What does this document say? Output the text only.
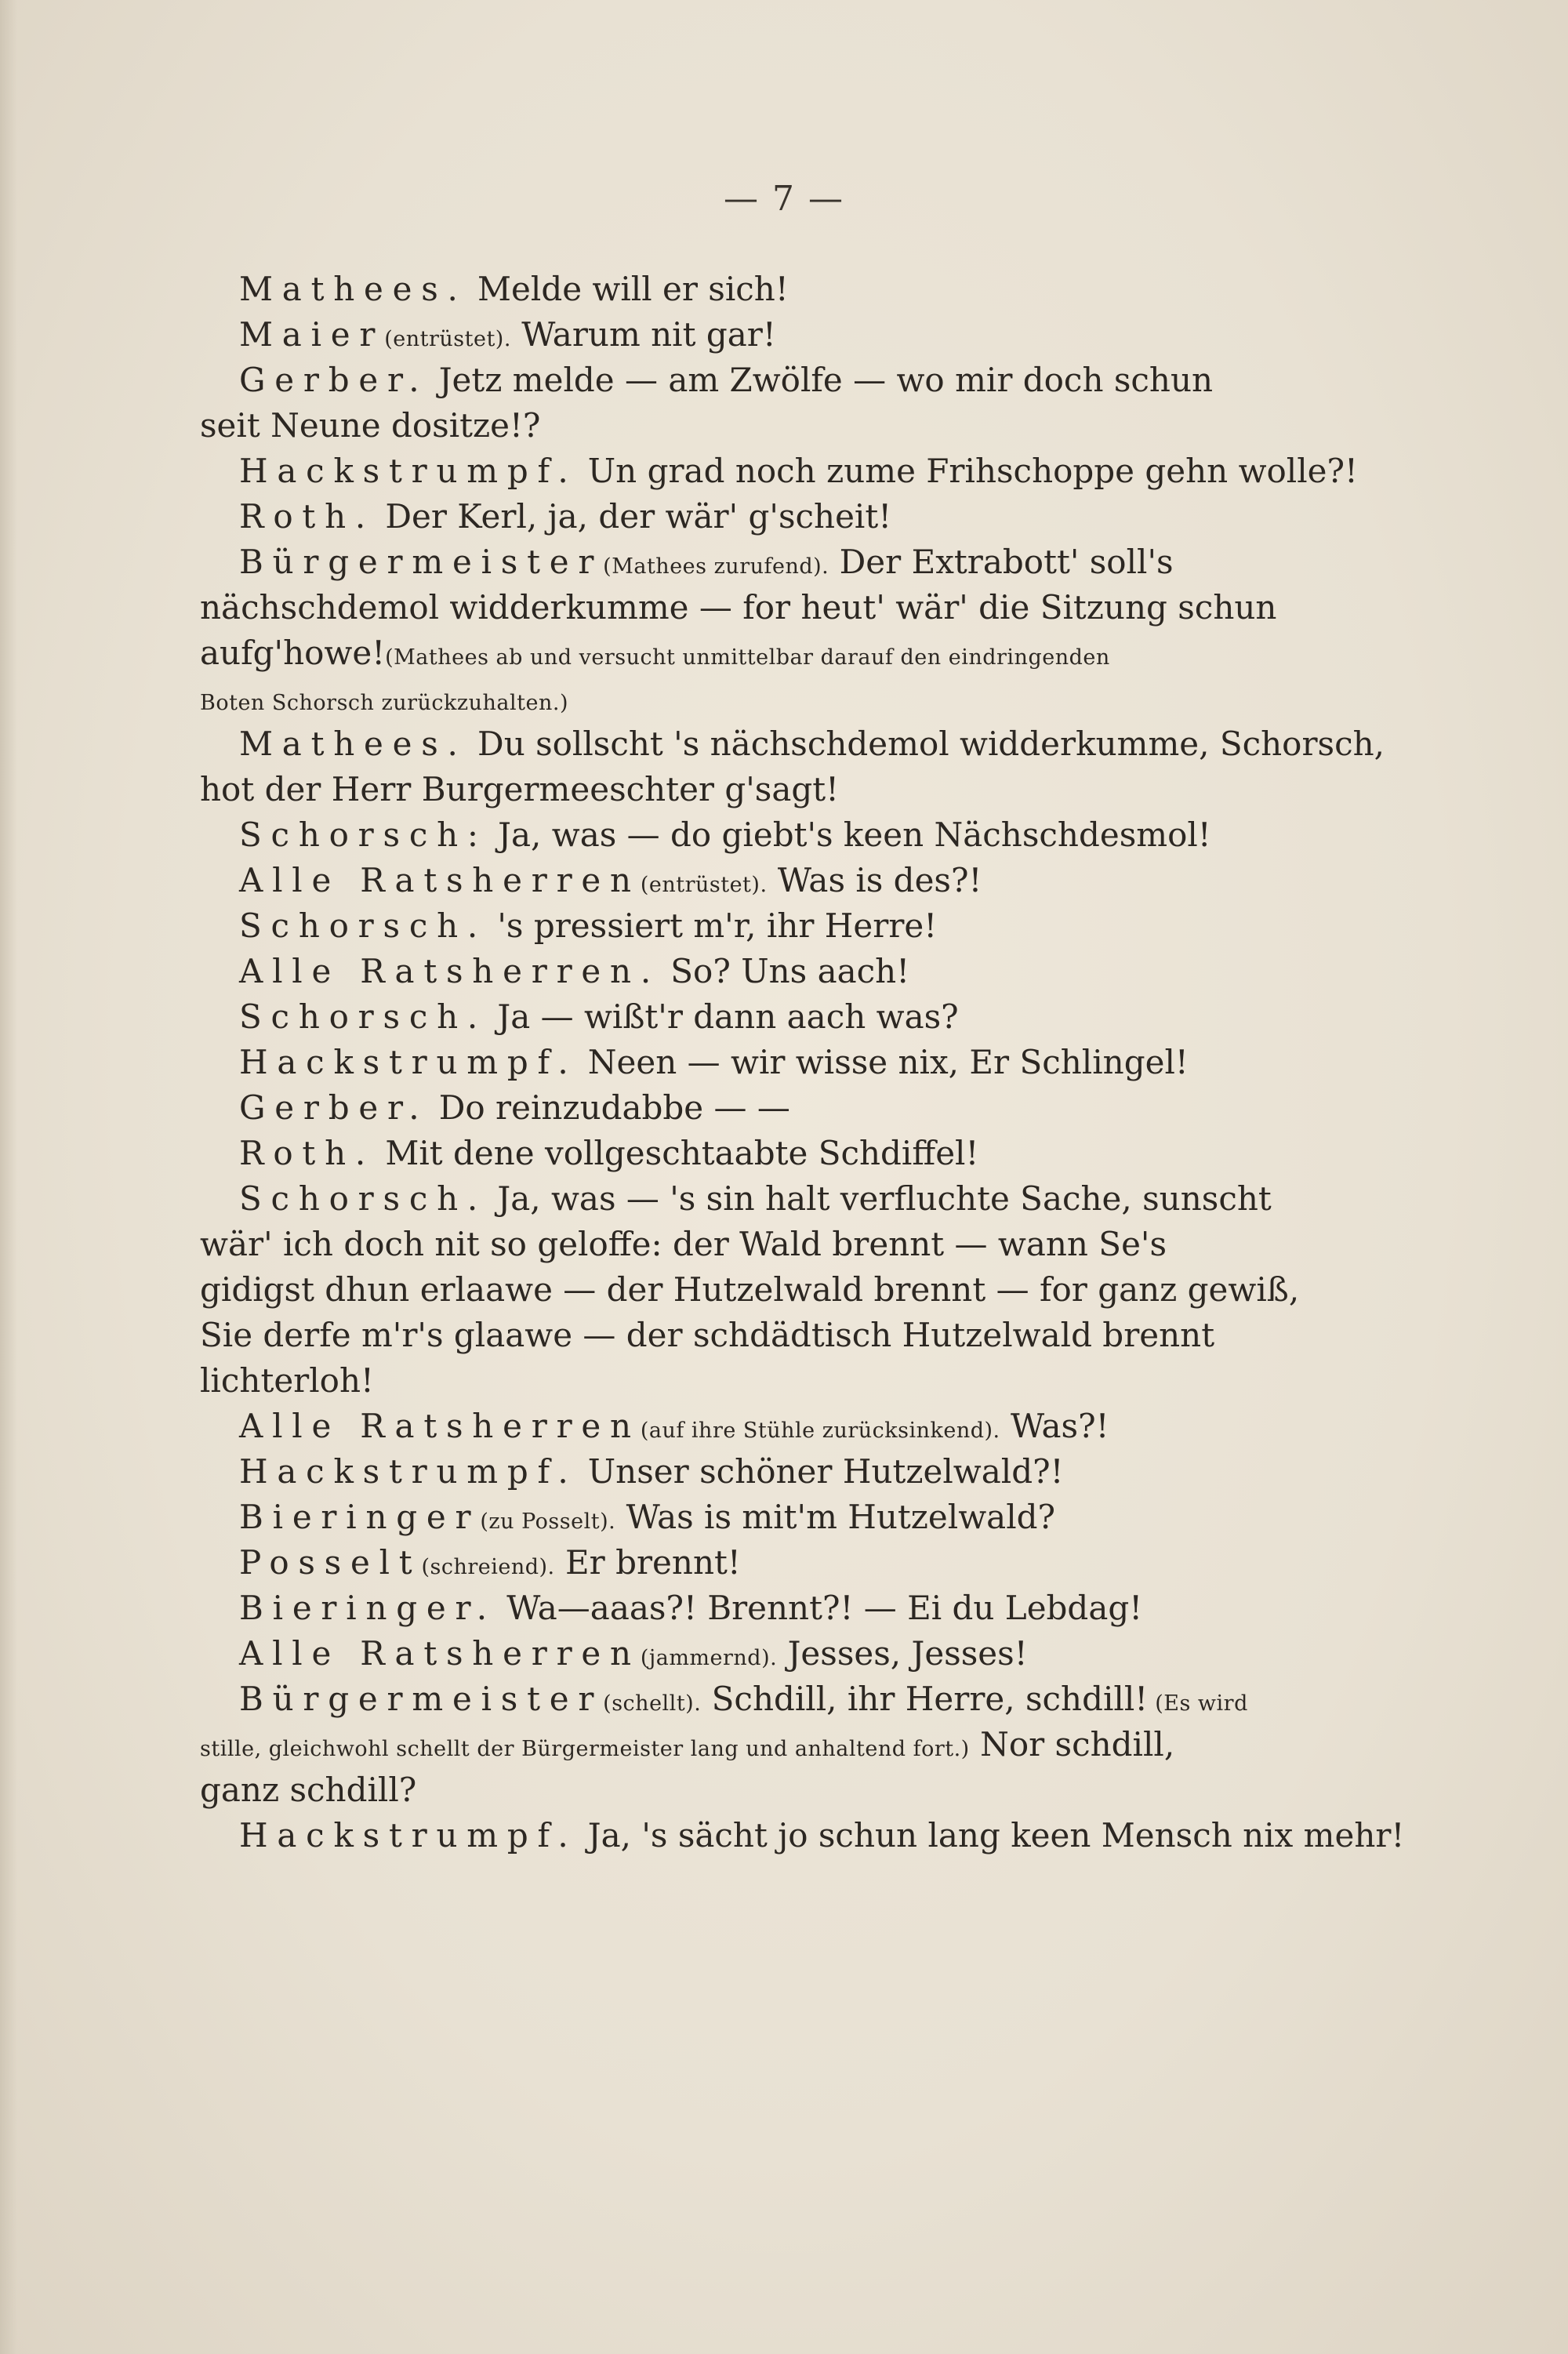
— 7 —
Mathees. Melde will er sich!
Maier(entrüstet). Warum nit gar!
Gerber. Jetz melde — am Zwölfe — wo mir doch schun
seit Neune dositze!?
Hackstrumpf. Un grad noch zume Frihschoppe gehn wolle?!
Roth. Der Kerl, ja, der wär' g'scheit!
Bürgermeister(Mathees zurufend). Der Extrabott' soll's
nächschdemol widderkumme — for heut' wär' die Sitzung schun
aufg'howe!(Mathees ab und versucht unmittelbar darauf den eindringenden
Boten Schorsch zurückzuhalten.)
Mathees. Du sollscht 's nächschdemol widderkumme, Schorsch,
hot der Herr Burgermeeschter g'sagt!
Schorsch: Ja, was — do giebt's keen Nächschdesmol!
Alle Ratsherren(entrüstet). Was is des?!
Schorsch. 's pressiert m'r, ihr Herre!
Alle Ratsherren. So? Uns aach!
Schorsch. Ja — wißt'r dann aach was?
Hackstrumpf. Neen — wir wisse nix, Er Schlingel!
Gerber. Do reinzudabbe — —
Roth. Mit dene vollgeschtaabte Schdiffel!
Schorsch. Ja, was — 's sin halt verfluchte Sache, sunscht
wär' ich doch nit so geloffe: der Wald brennt — wann Se's
gidigst dhun erlaawe — der Hutzelwald brennt — for ganz gewiß,
Sie derfe m'r's glaawe — der schdädtisch Hutzelwald brennt
lichterloh!
Alle Ratsherren(auf ihre Stühle zurücksinkend). Was?!
Hackstrumpf. Unser schöner Hutzelwald?!
Bieringer(zu Posselt). Was is mit'm Hutzelwald?
Posselt(schreiend). Er brennt!
Bieringer. Wa—aaas?! Brennt?! — Ei du Lebdag!
Alle Ratsherren(jammernd). Jesses, Jesses!
Bürgermeister(schellt). Schdill, ihr Herre, schdill! (Es wird
stille, gleichwohl schellt der Bürgermeister lang und anhaltend fort.) Nor schdill,
ganz schdill?
Hackstrumpf. Ja, 's sächt jo schun lang keen Mensch nix mehr!
